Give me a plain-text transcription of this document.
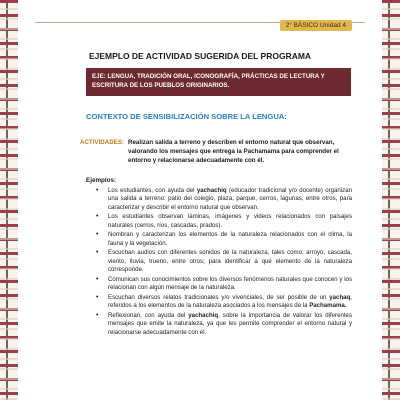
2° BÁSICO Unidad 4
EJEMPLO DE ACTIVIDAD SUGERIDA DEL PROGRAMA
EJE: LENGUA, TRADICIÓN ORAL, ICONOGRAFÍA, PRÁCTICAS DE LECTURA Y ESCRITURA DE LOS PUEBLOS ORIGINARIOS.
CONTEXTO DE SENSIBILIZACIÓN SOBRE LA LENGUA:
ACTIVIDADES: Realizan salida a terreno y describen el entorno natural que observan, valorando los mensajes que entrega la Pachamama para comprender el entorno y relacionarse adecuadamente con él.
Ejemplos:
• Los estudiantes, con ayuda del yachachiq (educador tradicional y/o docente) organizan una salida a terreno: patio del colegio, plaza, parque, cerros, lagunas, entre otros, para caracterizar y describir el entorno natural que observan.
• Los estudiantes observan láminas, imágenes y videos relacionados con paisajes naturales (cerros, ríos, cascadas, prados).
• Nombran y caracterizan los elementos de la naturaleza relacionados con el clima, la fauna y la vegetación.
• Escuchan audios con diferentes sonidos de la naturaleza, tales como: arroyo, cascada, viento, lluvia, trueno, entre otros; para identificar a qué elemento de la naturaleza corresponde.
• Comunican sus conocimientos sobre los diversos fenómenos naturales que conocen y los relacionan con algún mensaje de la naturaleza.
• Escuchan diversos relatos tradicionales y/o vivenciales, de ser posible de un yachaq, referidos a los elementos de la naturaleza asociados a los mensajes de la Pachamama.
• Reflexionan, con ayuda del yachachiq, sobre la importancia de valorar los diferentes mensajes que emite la naturaleza, ya que les permite comprender el entorno natural y relacionarse adecuadamente con él.
